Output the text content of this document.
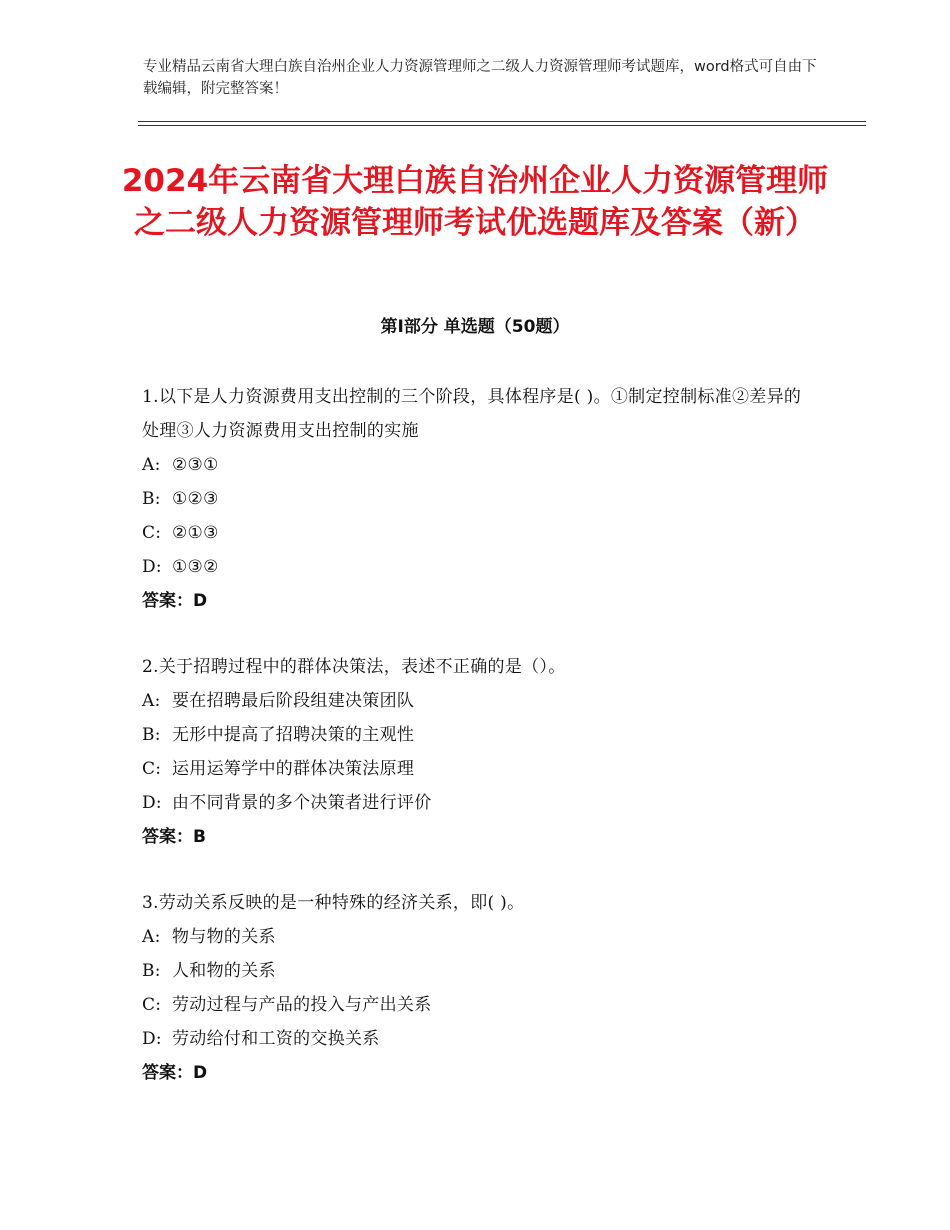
专业精品云南省大理白族自治州企业人力资源管理师之二级人力资源管理师考试题库，word格式可自由下载编辑，附完整答案！
2024年云南省大理白族自治州企业人力资源管理师之二级人力资源管理师考试优选题库及答案（新）
第Ⅰ部分 单选题（50题）
1.以下是人力资源费用支出控制的三个阶段，具体程序是( )。①制定控制标准②差异的处理③人力资源费用支出控制的实施
A: ②③①
B: ①②③
C: ②①③
D: ①③②
答案：D
2.关于招聘过程中的群体决策法，表述不正确的是（）。
A: 要在招聘最后阶段组建决策团队
B: 无形中提高了招聘决策的主观性
C: 运用运筹学中的群体决策法原理
D: 由不同背景的多个决策者进行评价
答案：B
3.劳动关系反映的是一种特殊的经济关系，即( )。
A: 物与物的关系
B: 人和物的关系
C: 劳动过程与产品的投入与产出关系
D: 劳动给付和工资的交换关系
答案：D
